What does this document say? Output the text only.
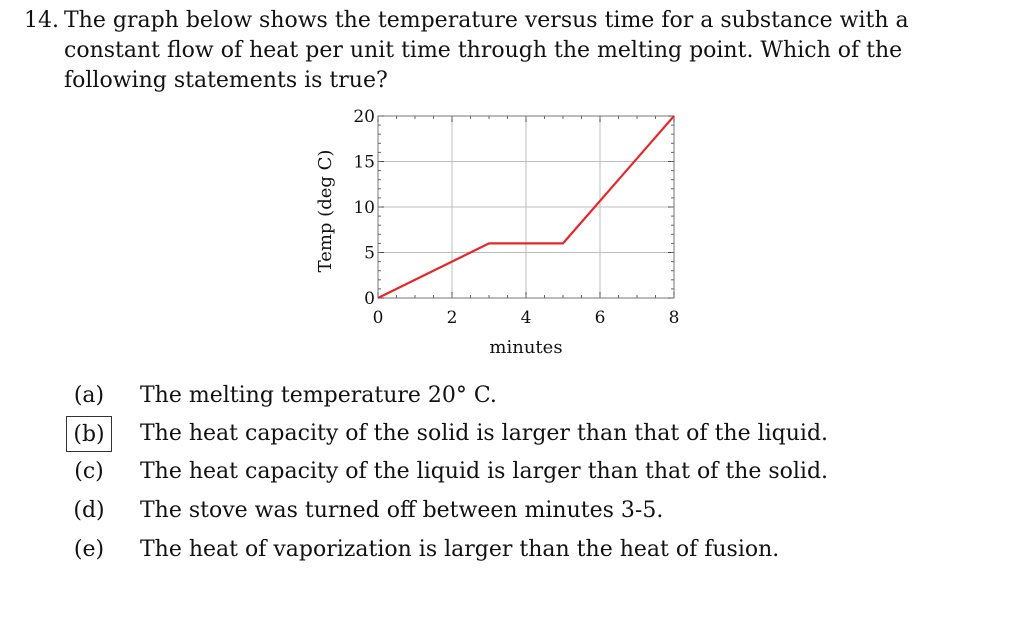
14. The graph below shows the temperature versus time for a substance with a constant flow of heat per unit time through the melting point. Which of the following statements is true?
0	2	4	6	8
0
5
10
15
20
Temp (deg C)
minutes
(a)	The melting temperature 20° C.
(b)	The heat capacity of the solid is larger than that of the liquid.
(c)	The heat capacity of the liquid is larger than that of the solid.
(d)	The stove was turned off between minutes 3-5.
(e)	The heat of vaporization is larger than the heat of fusion.
